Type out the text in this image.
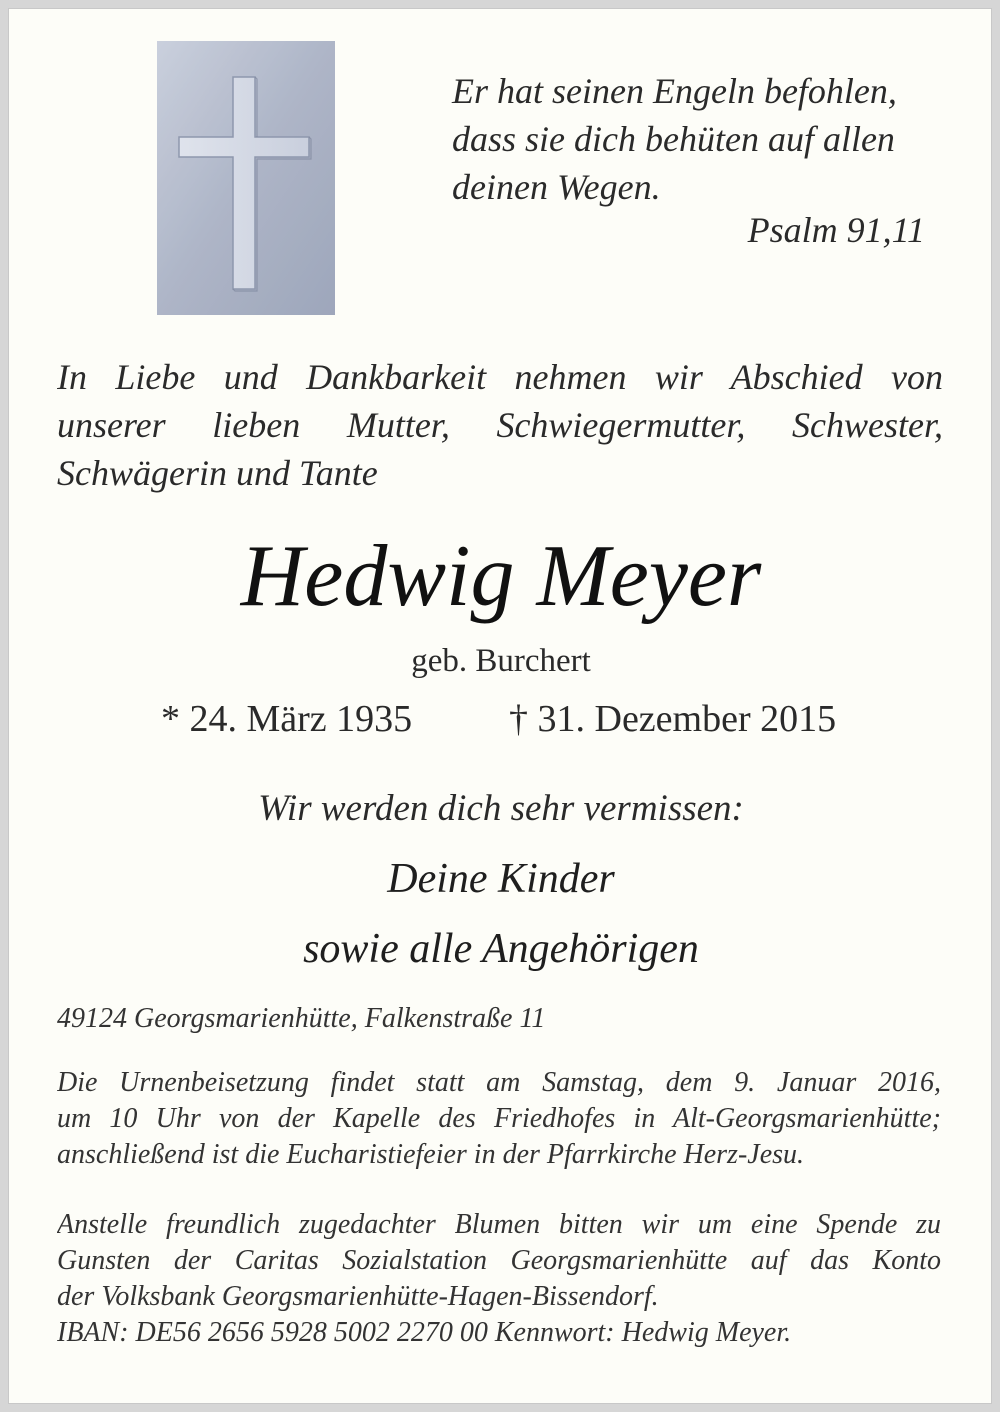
Er hat seinen Engeln befohlen,
dass sie dich behüten auf allen
deinen Wegen.
Psalm 91,11
In Liebe und Dankbarkeit nehmen wir Abschied von
unserer lieben Mutter, Schwiegermutter, Schwester,
Schwägerin und Tante
Hedwig Meyer
geb. Burchert
* 24. März 1935	† 31. Dezember 2015
Wir werden dich sehr vermissen:
Deine Kinder
sowie alle Angehörigen
49124 Georgsmarienhütte, Falkenstraße 11
Die Urnenbeisetzung findet statt am Samstag, dem 9. Januar 2016,
um 10 Uhr von der Kapelle des Friedhofes in Alt-Georgsmarienhütte;
anschließend ist die Eucharistiefeier in der Pfarrkirche Herz-Jesu.
Anstelle freundlich zugedachter Blumen bitten wir um eine Spende zu
Gunsten der Caritas Sozialstation Georgsmarienhütte auf das Konto
der Volksbank Georgsmarienhütte-Hagen-Bissendorf.
IBAN: DE56 2656 5928 5002 2270 00 Kennwort: Hedwig Meyer.
